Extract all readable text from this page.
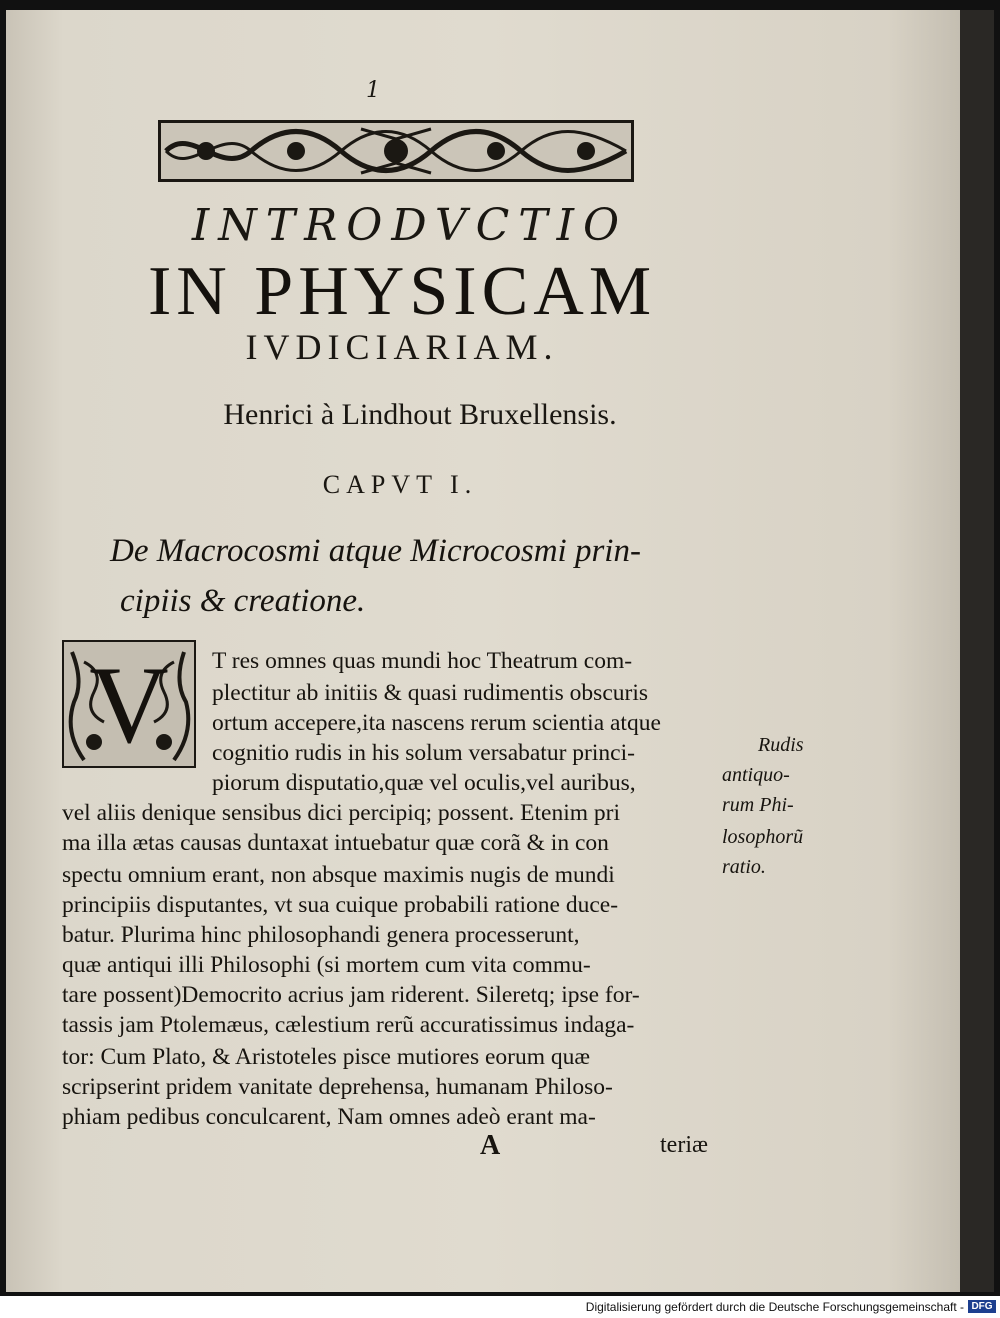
1
INTRODVCTIO
IN PHYSICAM
IVDICIARIAM.
Henrici à Lindhout Bruxellensis.
CAPVT I.
De Macrocosmi atque Microcosmi prin-
cipiis & creatione.
V T res omnes quas mundi hoc Theatrum com-
plectitur ab initiis & quasi rudimentis obscuris
ortum accepere,ita nascens rerum scientia atque
cognitio rudis in his solum versabatur princi-
piorum disputatio,quæ vel oculis,vel auribus,
vel aliis denique sensibus dici percipiq; possent. Etenim pri
ma illa ætas causas duntaxat intuebatur quæ corã & in con
spectu omnium erant, non absque maximis nugis de mundi
principiis disputantes, vt sua cuique probabili ratione duce-
batur. Plurima hinc philosophandi genera processerunt,
quæ antiqui illi Philosophi (si mortem cum vita commu-
tare possent)Democrito acrius jam riderent. Sileretq; ipse for-
tassis jam Ptolemæus, cælestium rerũ accuratissimus indaga-
tor: Cum Plato, & Aristoteles pisce mutiores eorum quæ
scripserint pridem vanitate deprehensa, humanam Philoso-
phiam pedibus conculcarent, Nam omnes adeò erant ma-
Rudis
antiquo-
rum Phi-
losophorũ
ratio.
A	teriæ
Digitalisierung gefördert durch die Deutsche Forschungsgemeinschaft - DFG
